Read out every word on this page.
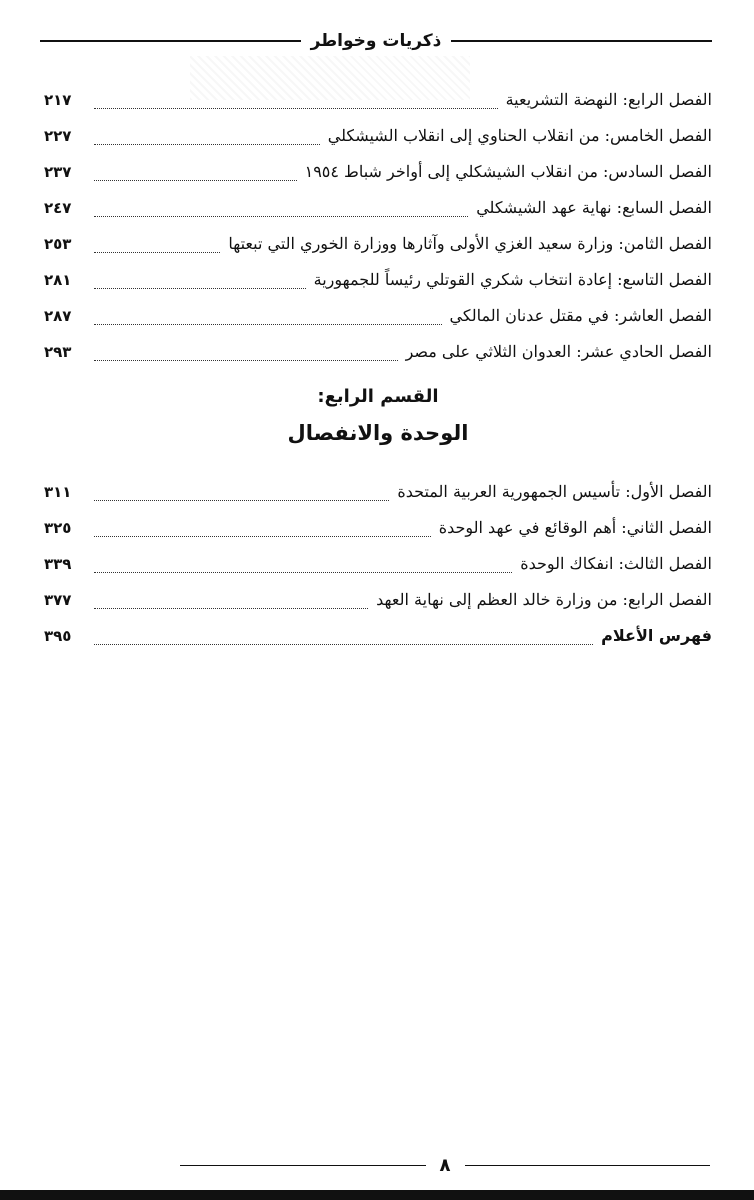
ذكريات وخواطر
الفصل الرابع: النهضة التشريعية
٢١٧
الفصل الخامس: من انقلاب الحناوي إلى انقلاب الشيشكلي
٢٢٧
الفصل السادس: من انقلاب الشيشكلي إلى أواخر شباط ١٩٥٤
٢٣٧
الفصل السابع: نهاية عهد الشيشكلي
٢٤٧
الفصل الثامن: وزارة سعيد الغزي الأولى وآثارها ووزارة الخوري التي تبعتها
٢٥٣
الفصل التاسع: إعادة انتخاب شكري القوتلي رئيساً للجمهورية
٢٨١
الفصل العاشر: في مقتل عدنان المالكي
٢٨٧
الفصل الحادي عشر: العدوان الثلاثي على مصر
٢٩٣
القسم الرابع:
الوحدة والانفصال
الفصل الأول: تأسيس الجمهورية العربية المتحدة
٣١١
الفصل الثاني: أهم الوقائع في عهد الوحدة
٣٢٥
الفصل الثالث: انفكاك الوحدة
٣٣٩
الفصل الرابع: من وزارة خالد العظم إلى نهاية العهد
٣٧٧
فهرس الأعلام
٣٩٥
٨
